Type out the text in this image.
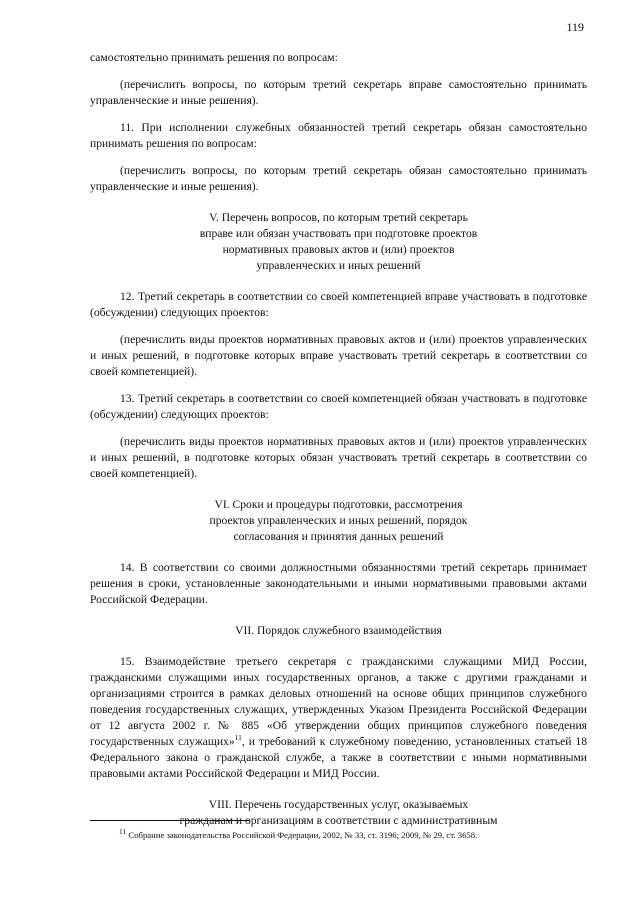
119

самостоятельно принимать решения по вопросам:

(перечислить вопросы, по которым третий секретарь вправе самостоятельно принимать управленческие и иные решения).

11. При исполнении служебных обязанностей третий секретарь обязан самостоятельно принимать решения по вопросам:

(перечислить вопросы, по которым третий секретарь обязан самостоятельно принимать управленческие и иные решения).

V. Перечень вопросов, по которым третий секретарь
вправе или обязан участвовать при подготовке проектов
нормативных правовых актов и (или) проектов
управленческих и иных решений

12. Третий секретарь в соответствии со своей компетенцией вправе участвовать в подготовке (обсуждении) следующих проектов:

(перечислить виды проектов нормативных правовых актов и (или) проектов управленческих и иных решений, в подготовке которых вправе участвовать третий секретарь в соответствии со своей компетенцией).

13. Третий секретарь в соответствии со своей компетенцией обязан участвовать в подготовке (обсуждении) следующих проектов:

(перечислить виды проектов нормативных правовых актов и (или) проектов управленческих и иных решений, в подготовке которых обязан участвовать третий секретарь в соответствии со своей компетенцией).

VI. Сроки и процедуры подготовки, рассмотрения
проектов управленческих и иных решений, порядок
согласования и принятия данных решений

14. В соответствии со своими должностными обязанностями третий секретарь принимает решения в сроки, установленные законодательными и иными нормативными правовыми актами Российской Федерации.

VII. Порядок служебного взаимодействия

15. Взаимодействие третьего секретаря с гражданскими служащими МИД России, гражданскими служащими иных государственных органов, а также с другими гражданами и организациями строится в рамках деловых отношений на основе общих принципов служебного поведения государственных служащих, утвержденных Указом Президента Российской Федерации от 12 августа 2002 г. № 885 «Об утверждении общих принципов служебного поведения государственных служащих»$^{11}$, и требований к служебному поведению, установленных статьей 18 Федерального закона о гражданской службе, а также в соответствии с иными нормативными правовыми актами Российской Федерации и МИД России.

VIII. Перечень государственных услуг, оказываемых
гражданам и организациям в соответствии с административным
$^{11}$ Собрание законодательства Российской Федерации, 2002, № 33, ст. 3196; 2009, № 29, ст. 3658.
